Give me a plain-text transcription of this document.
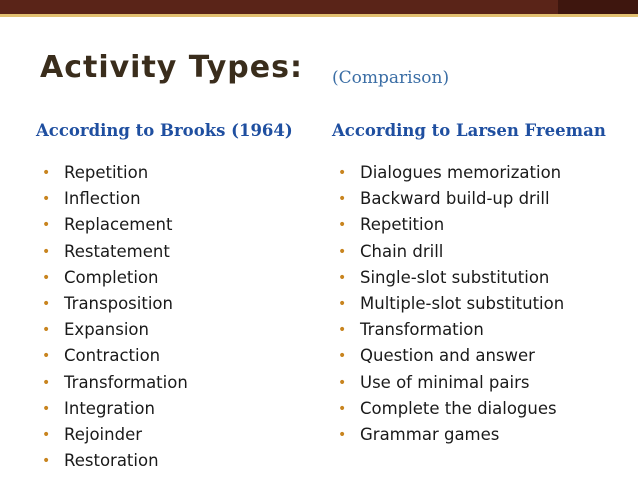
Activity Types: (Comparison)
According to Brooks (1964) According to Larsen Freeman
• Repetition
• Inflection
• Replacement
• Restatement
• Completion
• Transposition
• Expansion
• Contraction
• Transformation
• Integration
• Rejoinder
• Restoration
• Dialogues memorization
• Backward build-up drill
• Repetition
• Chain drill
• Single-slot substitution
• Multiple-slot substitution
• Transformation
• Question and answer
• Use of minimal pairs
• Complete the dialogues
• Grammar games
